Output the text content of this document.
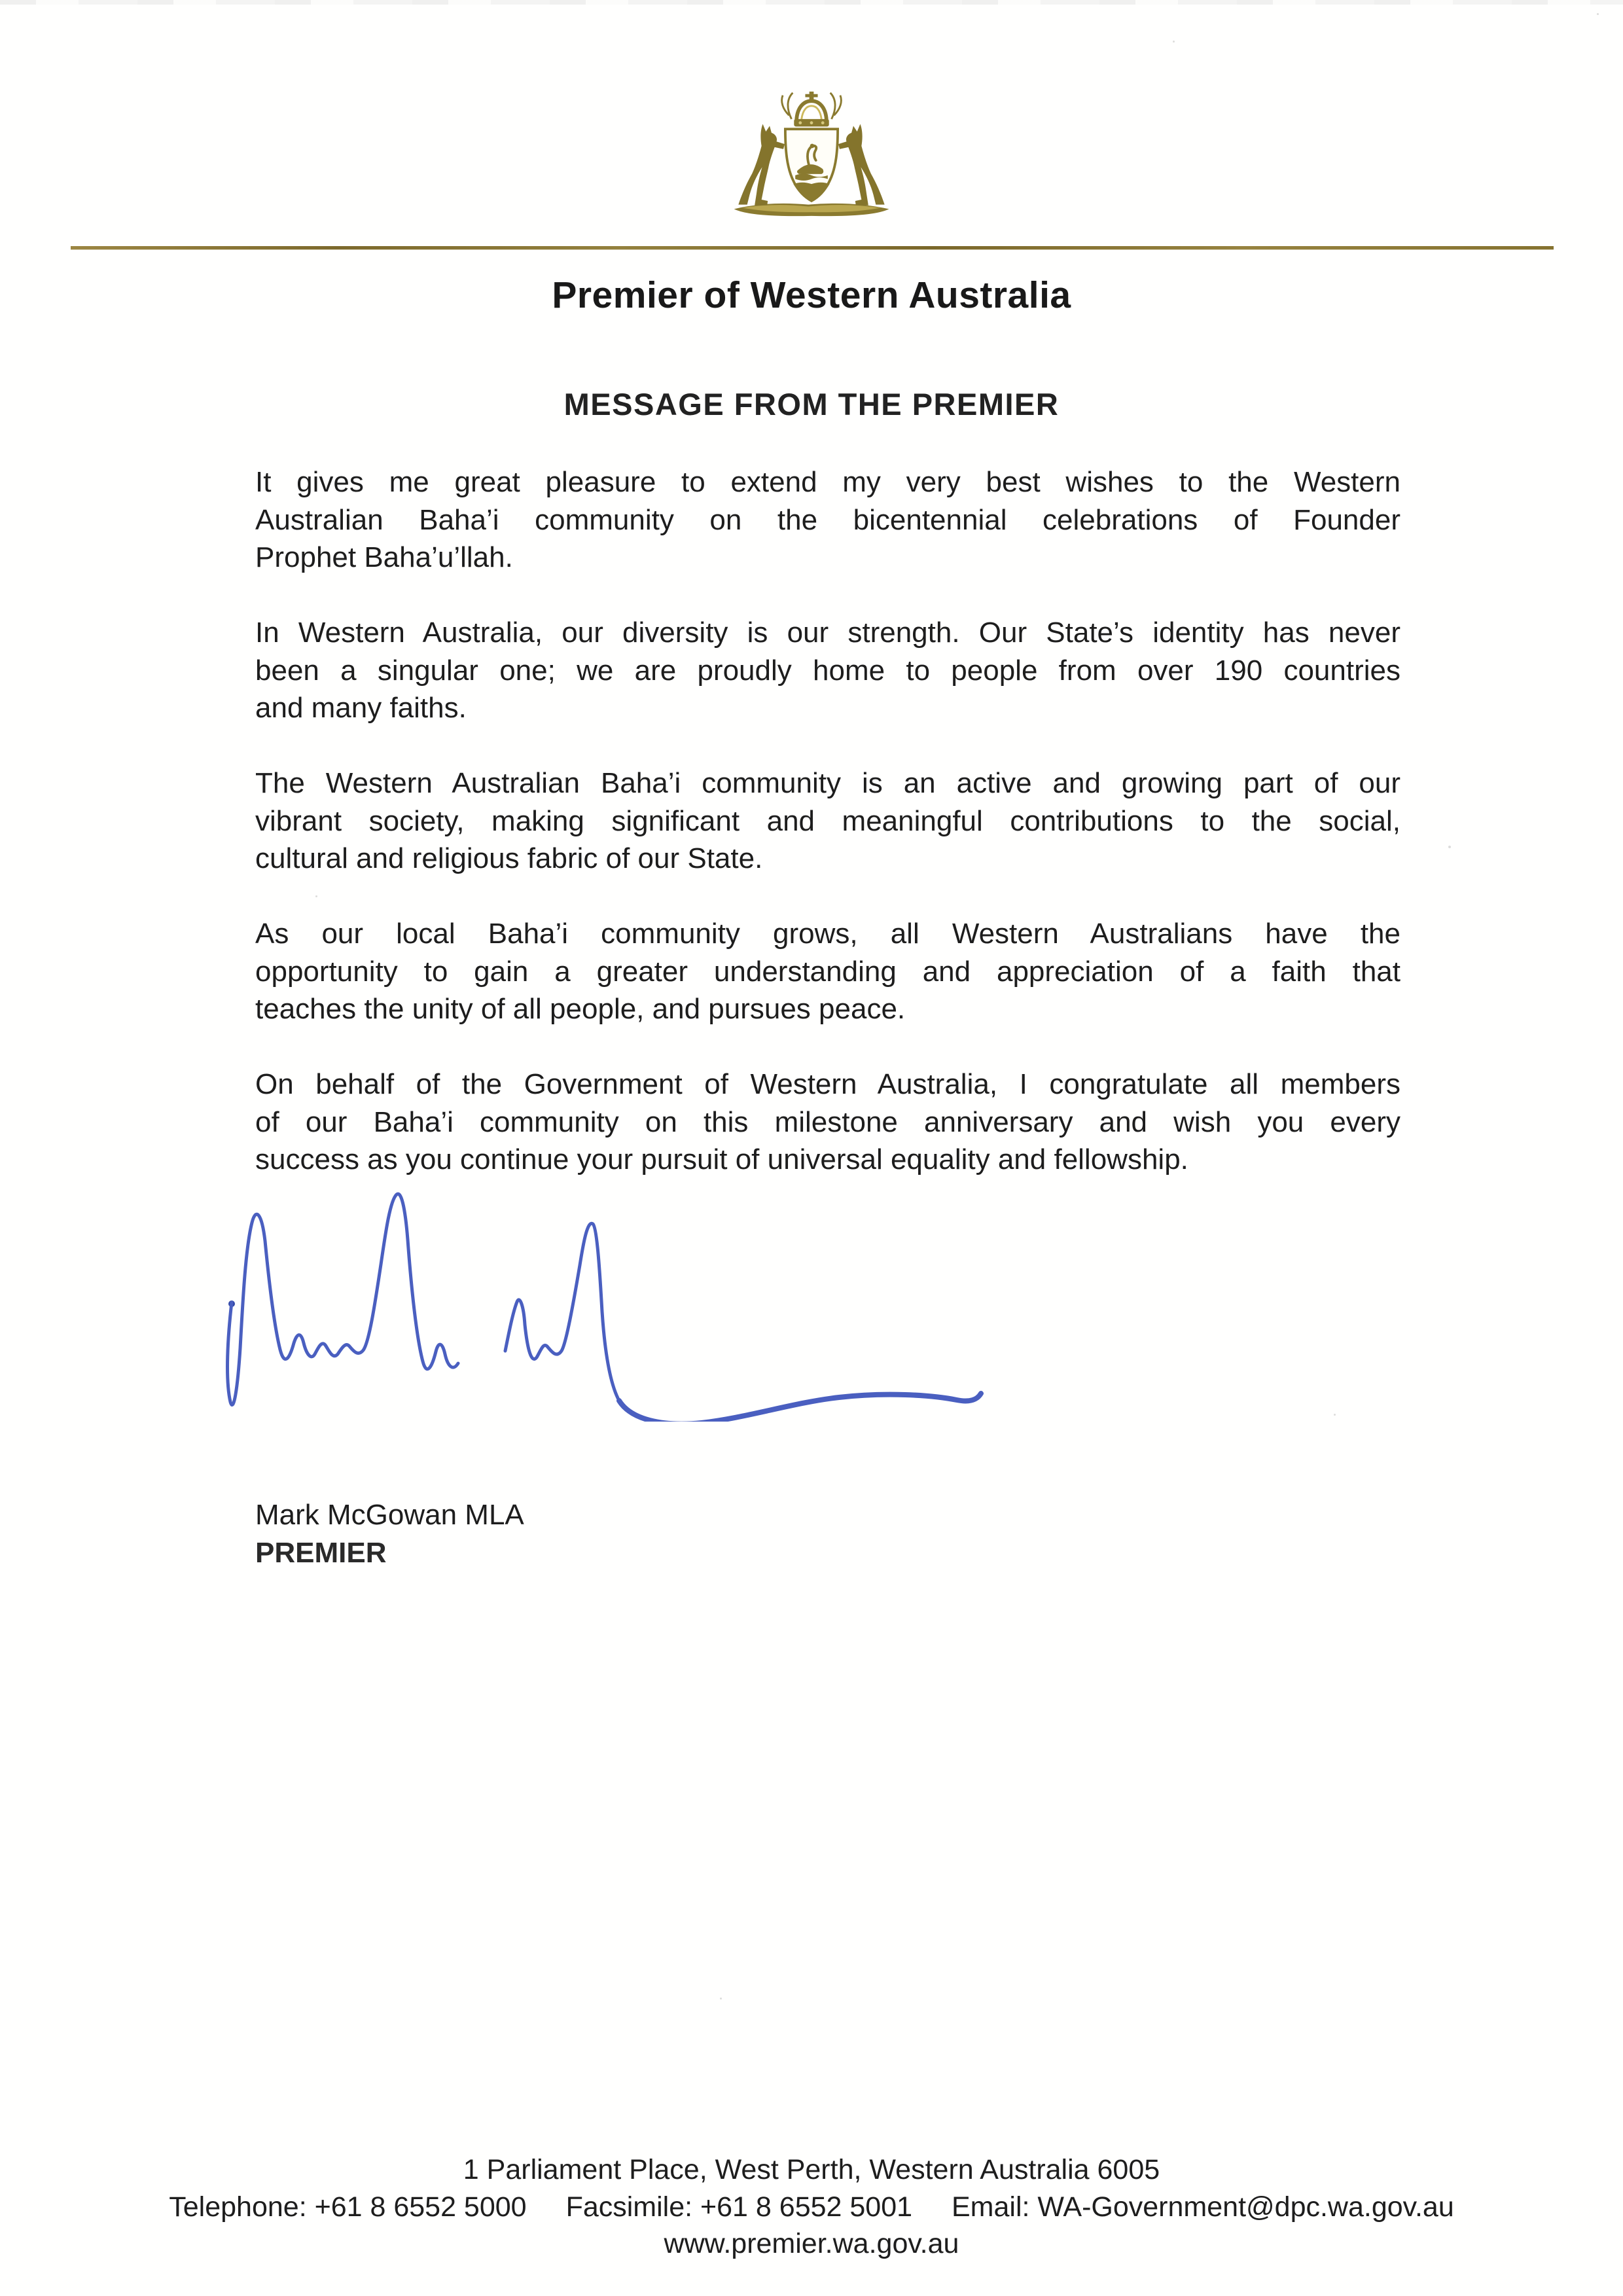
Premier of Western Australia
MESSAGE FROM THE PREMIER

It gives me great pleasure to extend my very best wishes to the Western
Australian Baha’i community on the bicentennial celebrations of Founder
Prophet Baha’u’llah.

In Western Australia, our diversity is our strength. Our State’s identity has never
been a singular one; we are proudly home to people from over 190 countries
and many faiths.

The Western Australian Baha’i community is an active and growing part of our
vibrant society, making significant and meaningful contributions to the social,
cultural and religious fabric of our State.

As our local Baha’i community grows, all Western Australians have the
opportunity to gain a greater understanding and appreciation of a faith that
teaches the unity of all people, and pursues peace.

On behalf of the Government of Western Australia, I congratulate all members
of our Baha’i community on this milestone anniversary and wish you every
success as you continue your pursuit of universal equality and fellowship.

Mark McGowan MLA
PREMIER
1 Parliament Place, West Perth, Western Australia 6005
Telephone: +61 8 6552 5000 Facsimile: +61 8 6552 5001 Email: WA-Government@dpc.wa.gov.au
www.premier.wa.gov.au
